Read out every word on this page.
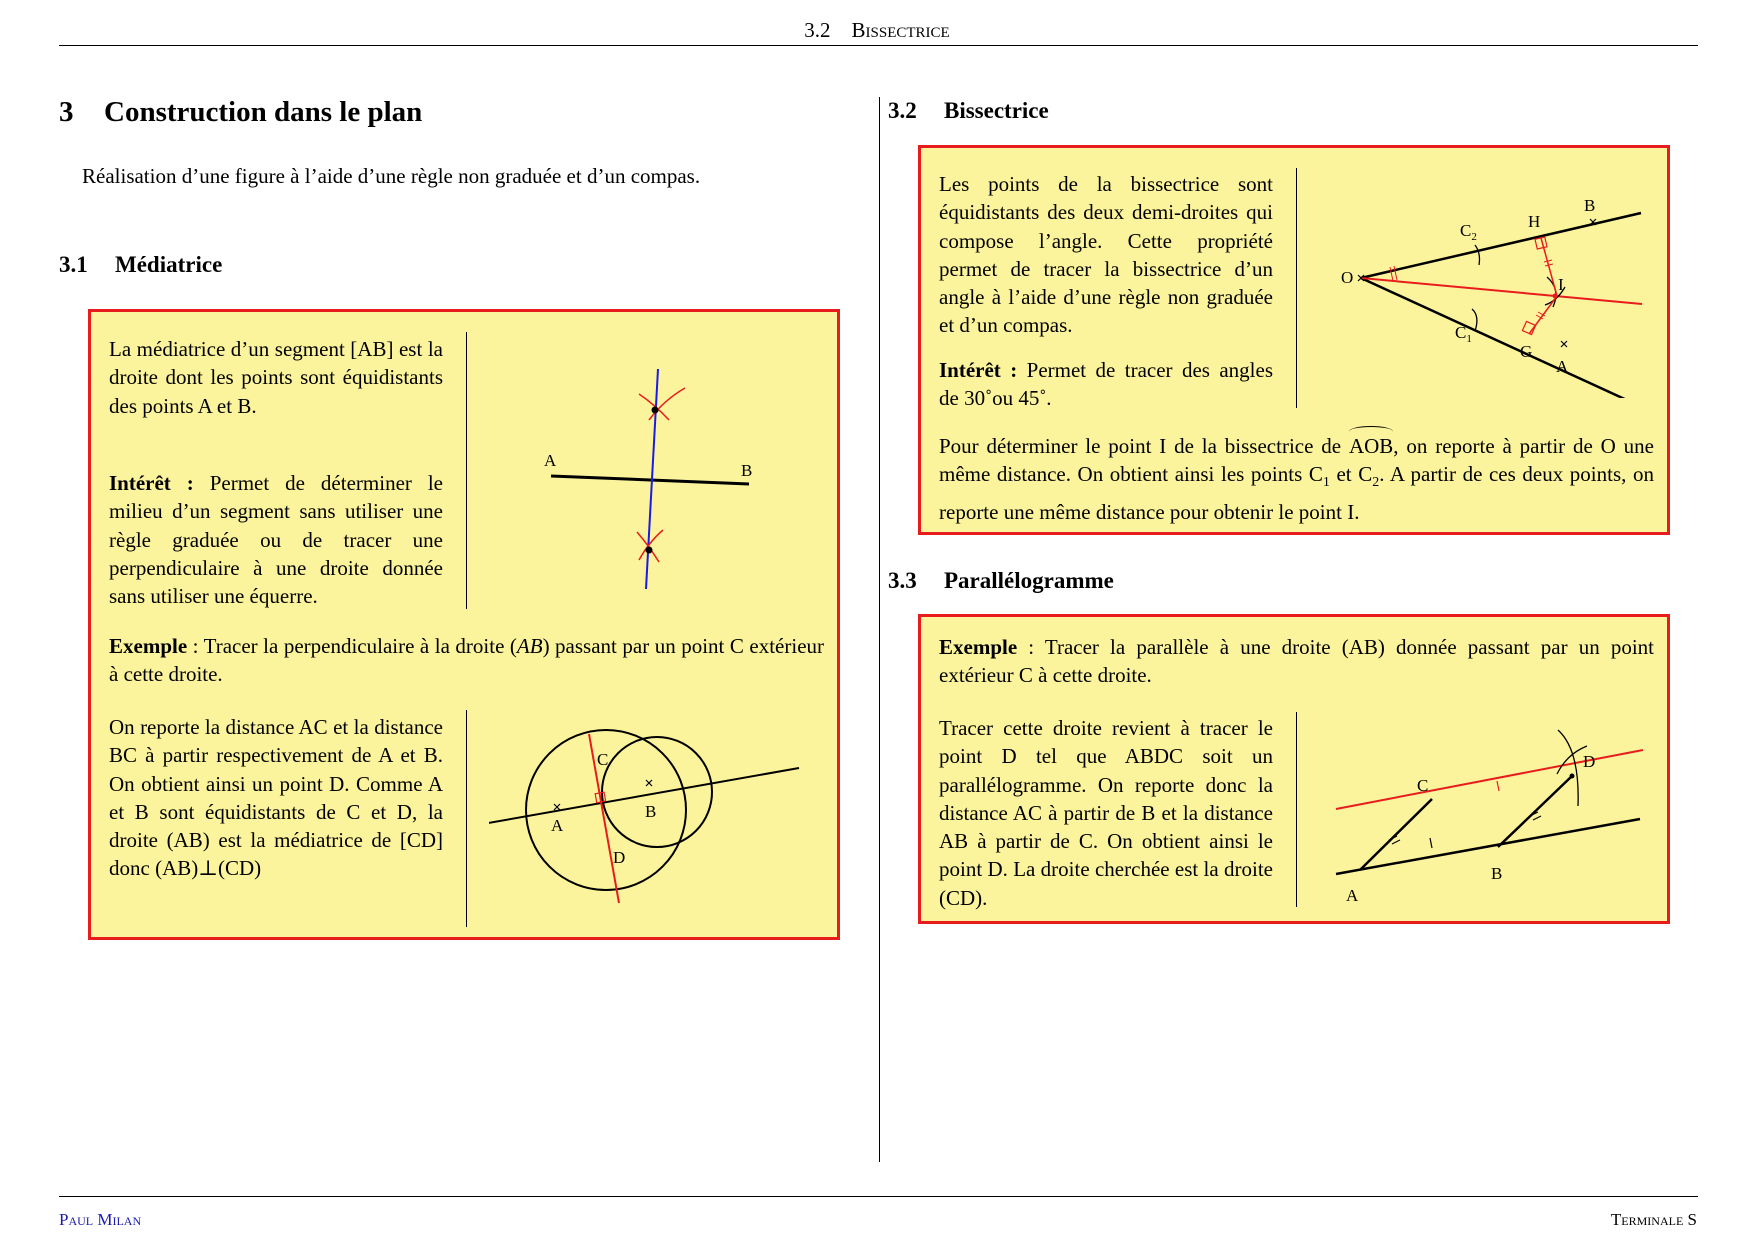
3.2 Bissectrice
3 Construction dans le plan
Réalisation d’une figure à l’aide d’une règle non graduée et d’un compas.
3.1 Médiatrice

La médiatrice d’un segment [AB] est la droite dont les points sont équidistants des points A et B.

Intérêt : Permet de déterminer le milieu d’un segment sans utiliser une règle graduée ou de tracer une perpendiculaire à une droite donnée sans utiliser une équerre.

A
B

Exemple : Tracer la perpendiculaire à la droite (AB) passant par un point C extérieur à cette droite.

On reporte la distance AC et la distance BC à partir respectivement de A et B. On obtient ainsi un point D. Comme A et B sont équidistants de C et D, la droite (AB) est la médiatrice de [CD] donc (AB)⊥(CD)

C
A
B
D
3.2 Bissectrice

Les points de la bissectrice sont équidistants des deux demi-droites qui compose l’angle. Cette propriété permet de tracer la bissectrice d’un angle à l’aide d’une règle non graduée et d’un compas.

Intérêt : Permet de tracer des angles de 30˚ou 45˚.

O
$C_2$
H
B
I
$C_1$
G
A

Pour déterminer le point I de la bissectrice de AOB, on reporte à partir de O une même distance. On obtient ainsi les points $C_1$ et $C_2$. A partir de ces deux points, on reporte une même distance pour obtenir le point I.

3.3 Parallélogramme

Exemple : Tracer la parallèle à une droite (AB) donnée passant par un point extérieur C à cette droite.

Tracer cette droite revient à tracer le point D tel que ABDC soit un parallélogramme. On reporte donc la distance AC à partir de B et la distance AB à partir de C. On obtient ainsi le point D. La droite cherchée est la droite (CD).

C
D
A
B
Paul Milan	Terminale S
